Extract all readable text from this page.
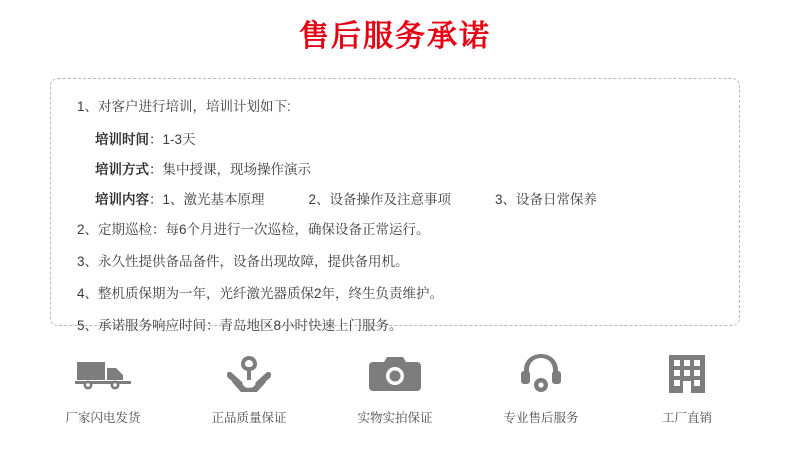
售后服务承诺

1、对客户进行培训，培训计划如下:

培训时间：1-3天

培训方式：集中授课，现场操作演示

培训内容：1、激光基本原理	2、设备操作及注意事项	3、设备日常保养

2、定期巡检：每6个月进行一次巡检，确保设备正常运行。

3、永久性提供备品备件，设备出现故障，提供备用机。

4、整机质保期为一年，光纤激光器质保2年，终生负责维护。

5、承诺服务响应时间：青岛地区8小时快速上门服务。

厂家闪电发货	正品质量保证	实物实拍保证	专业售后服务	工厂直销
